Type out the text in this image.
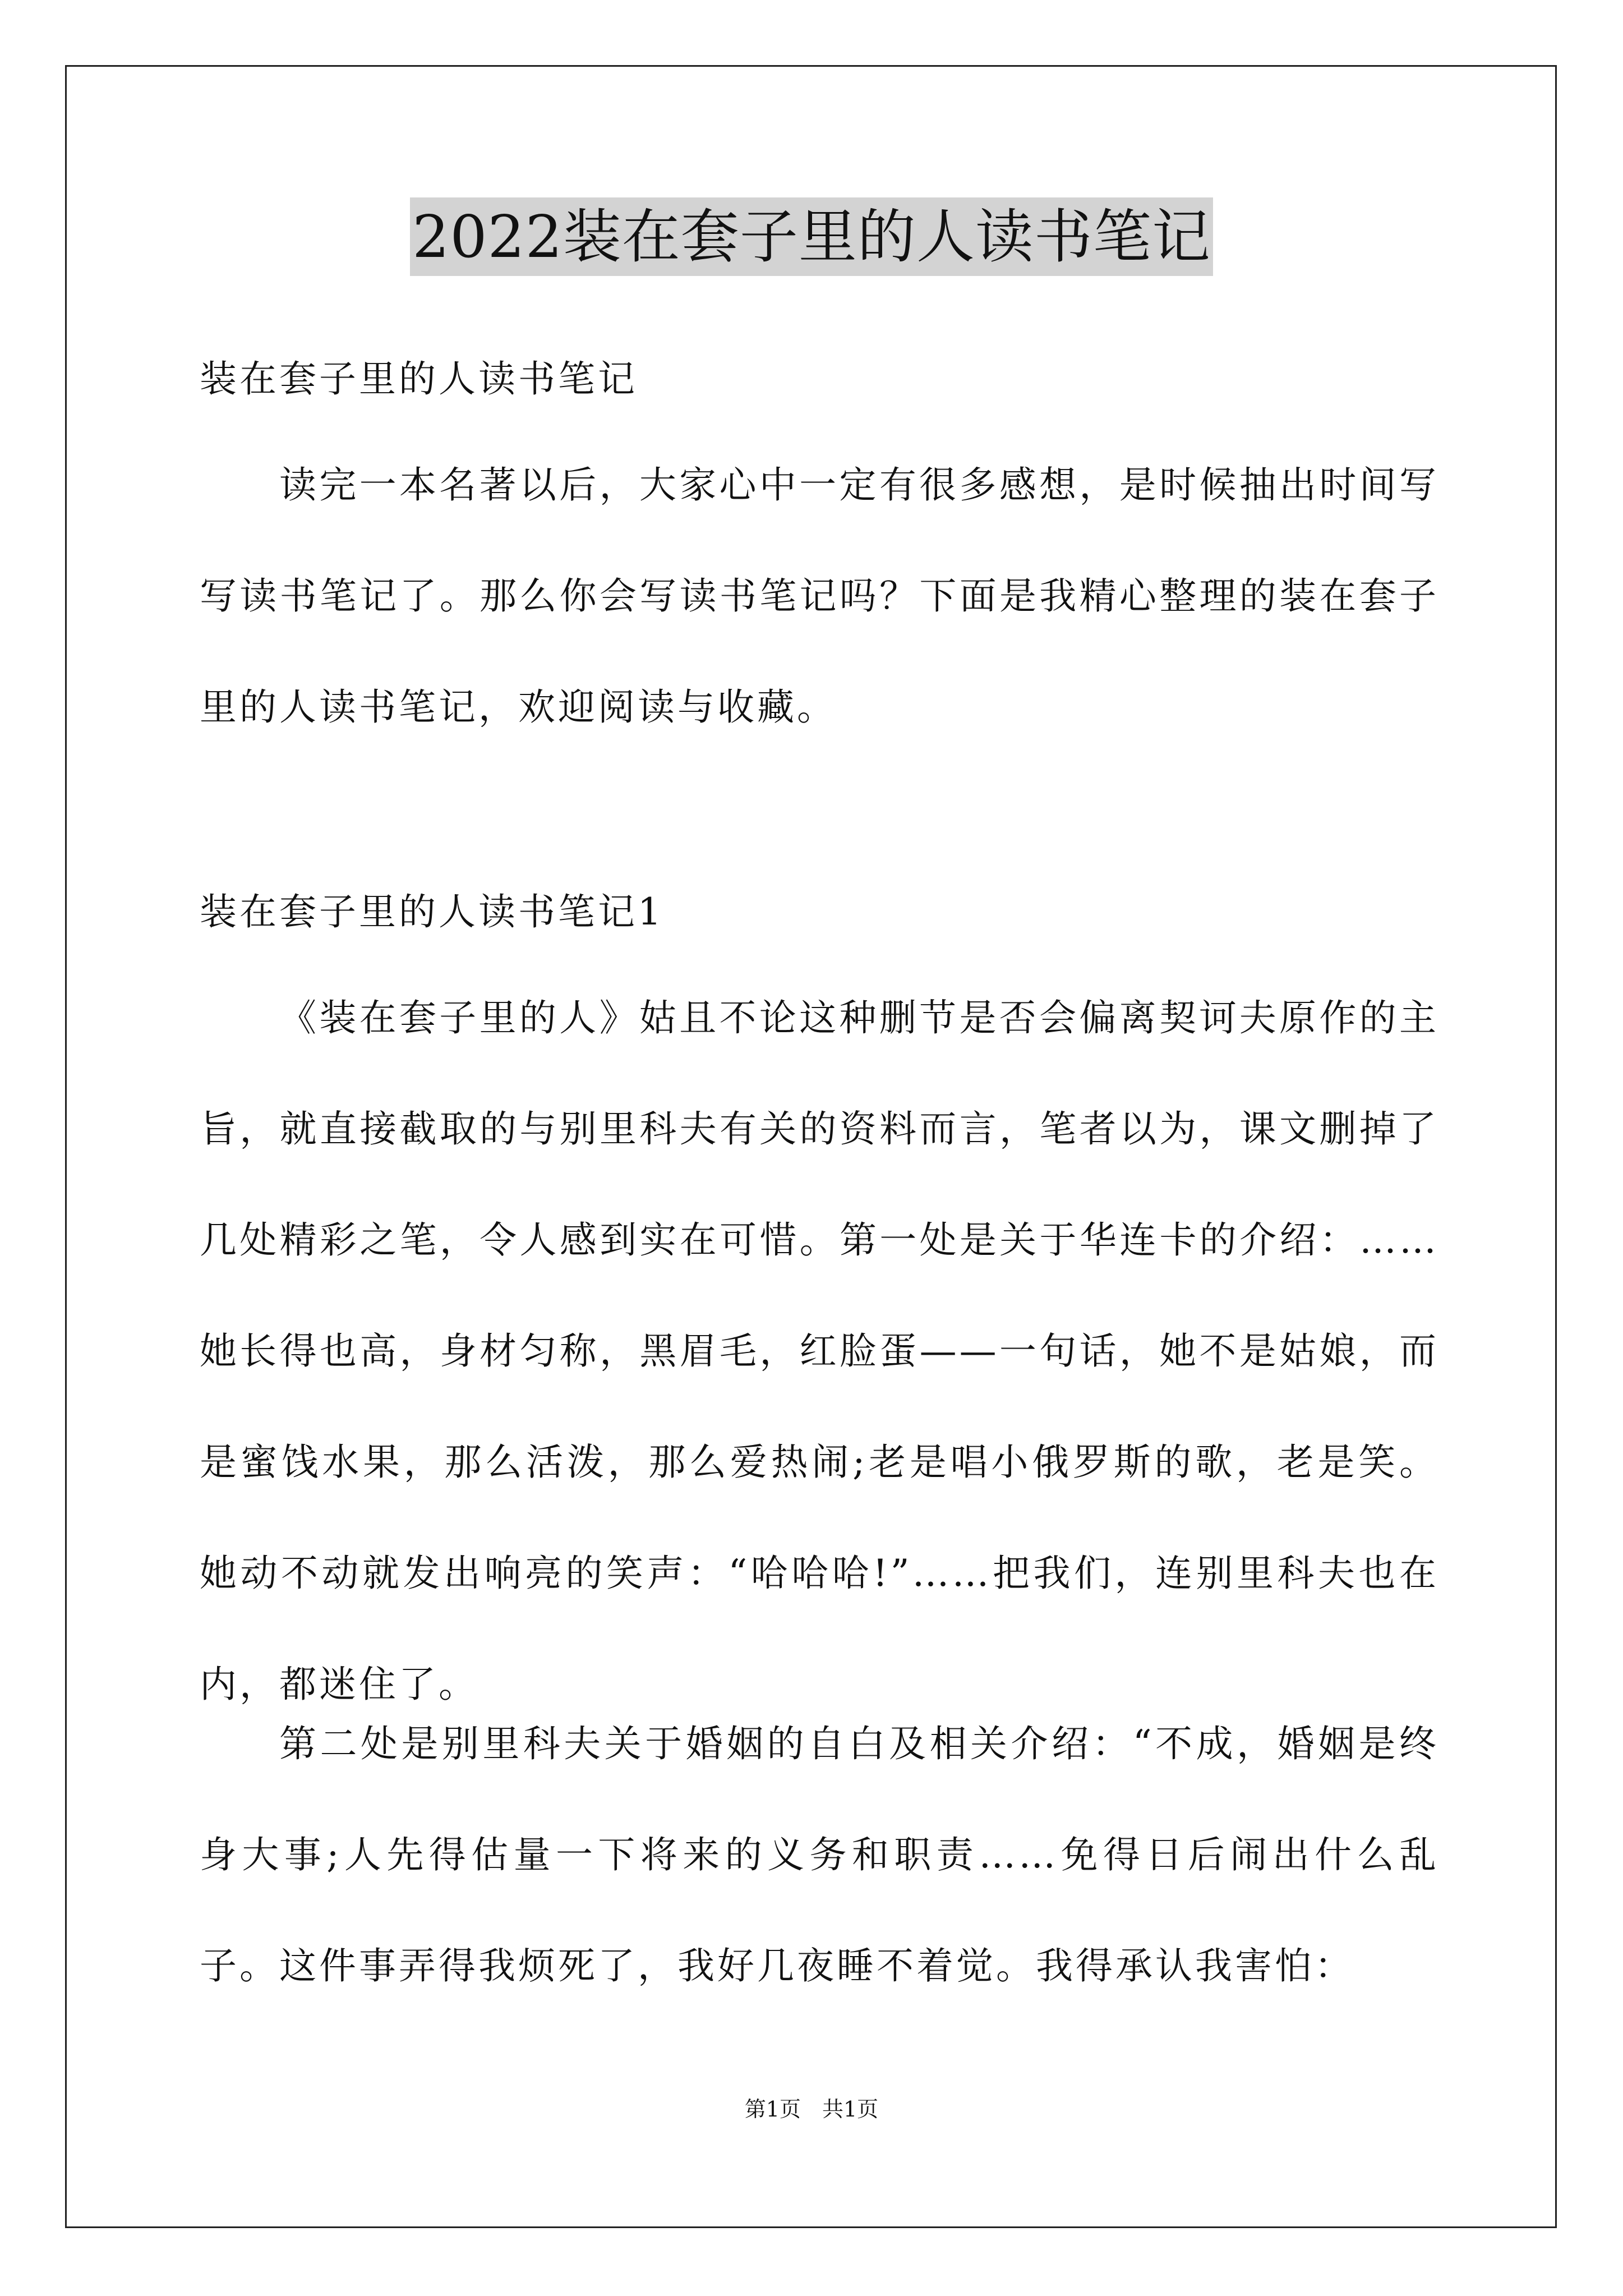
2022装在套子里的人读书笔记

装在套子里的人读书笔记

读完一本名著以后，大家心中一定有很多感想，是时候抽出时间写写读书笔记了。那么你会写读书笔记吗？下面是我精心整理的装在套子里的人读书笔记，欢迎阅读与收藏。

装在套子里的人读书笔记1

《装在套子里的人》姑且不论这种删节是否会偏离契诃夫原作的主旨，就直接截取的与别里科夫有关的资料而言，笔者以为，课文删掉了几处精彩之笔，令人感到实在可惜。第一处是关于华连卡的介绍：……她长得也高，身材匀称，黑眉毛，红脸蛋——一句话，她不是姑娘，而是蜜饯水果，那么活泼，那么爱热闹;老是唱小俄罗斯的歌，老是笑。她动不动就发出响亮的笑声：“哈哈哈!”……把我们，连别里科夫也在内，都迷住了。

第二处是别里科夫关于婚姻的自白及相关介绍：“不成，婚姻是终身大事;人先得估量一下将来的义务和职责……免得日后闹出什么乱子。这件事弄得我烦死了，我好几夜睡不着觉。我得承认我害怕：

第1页　共1页
